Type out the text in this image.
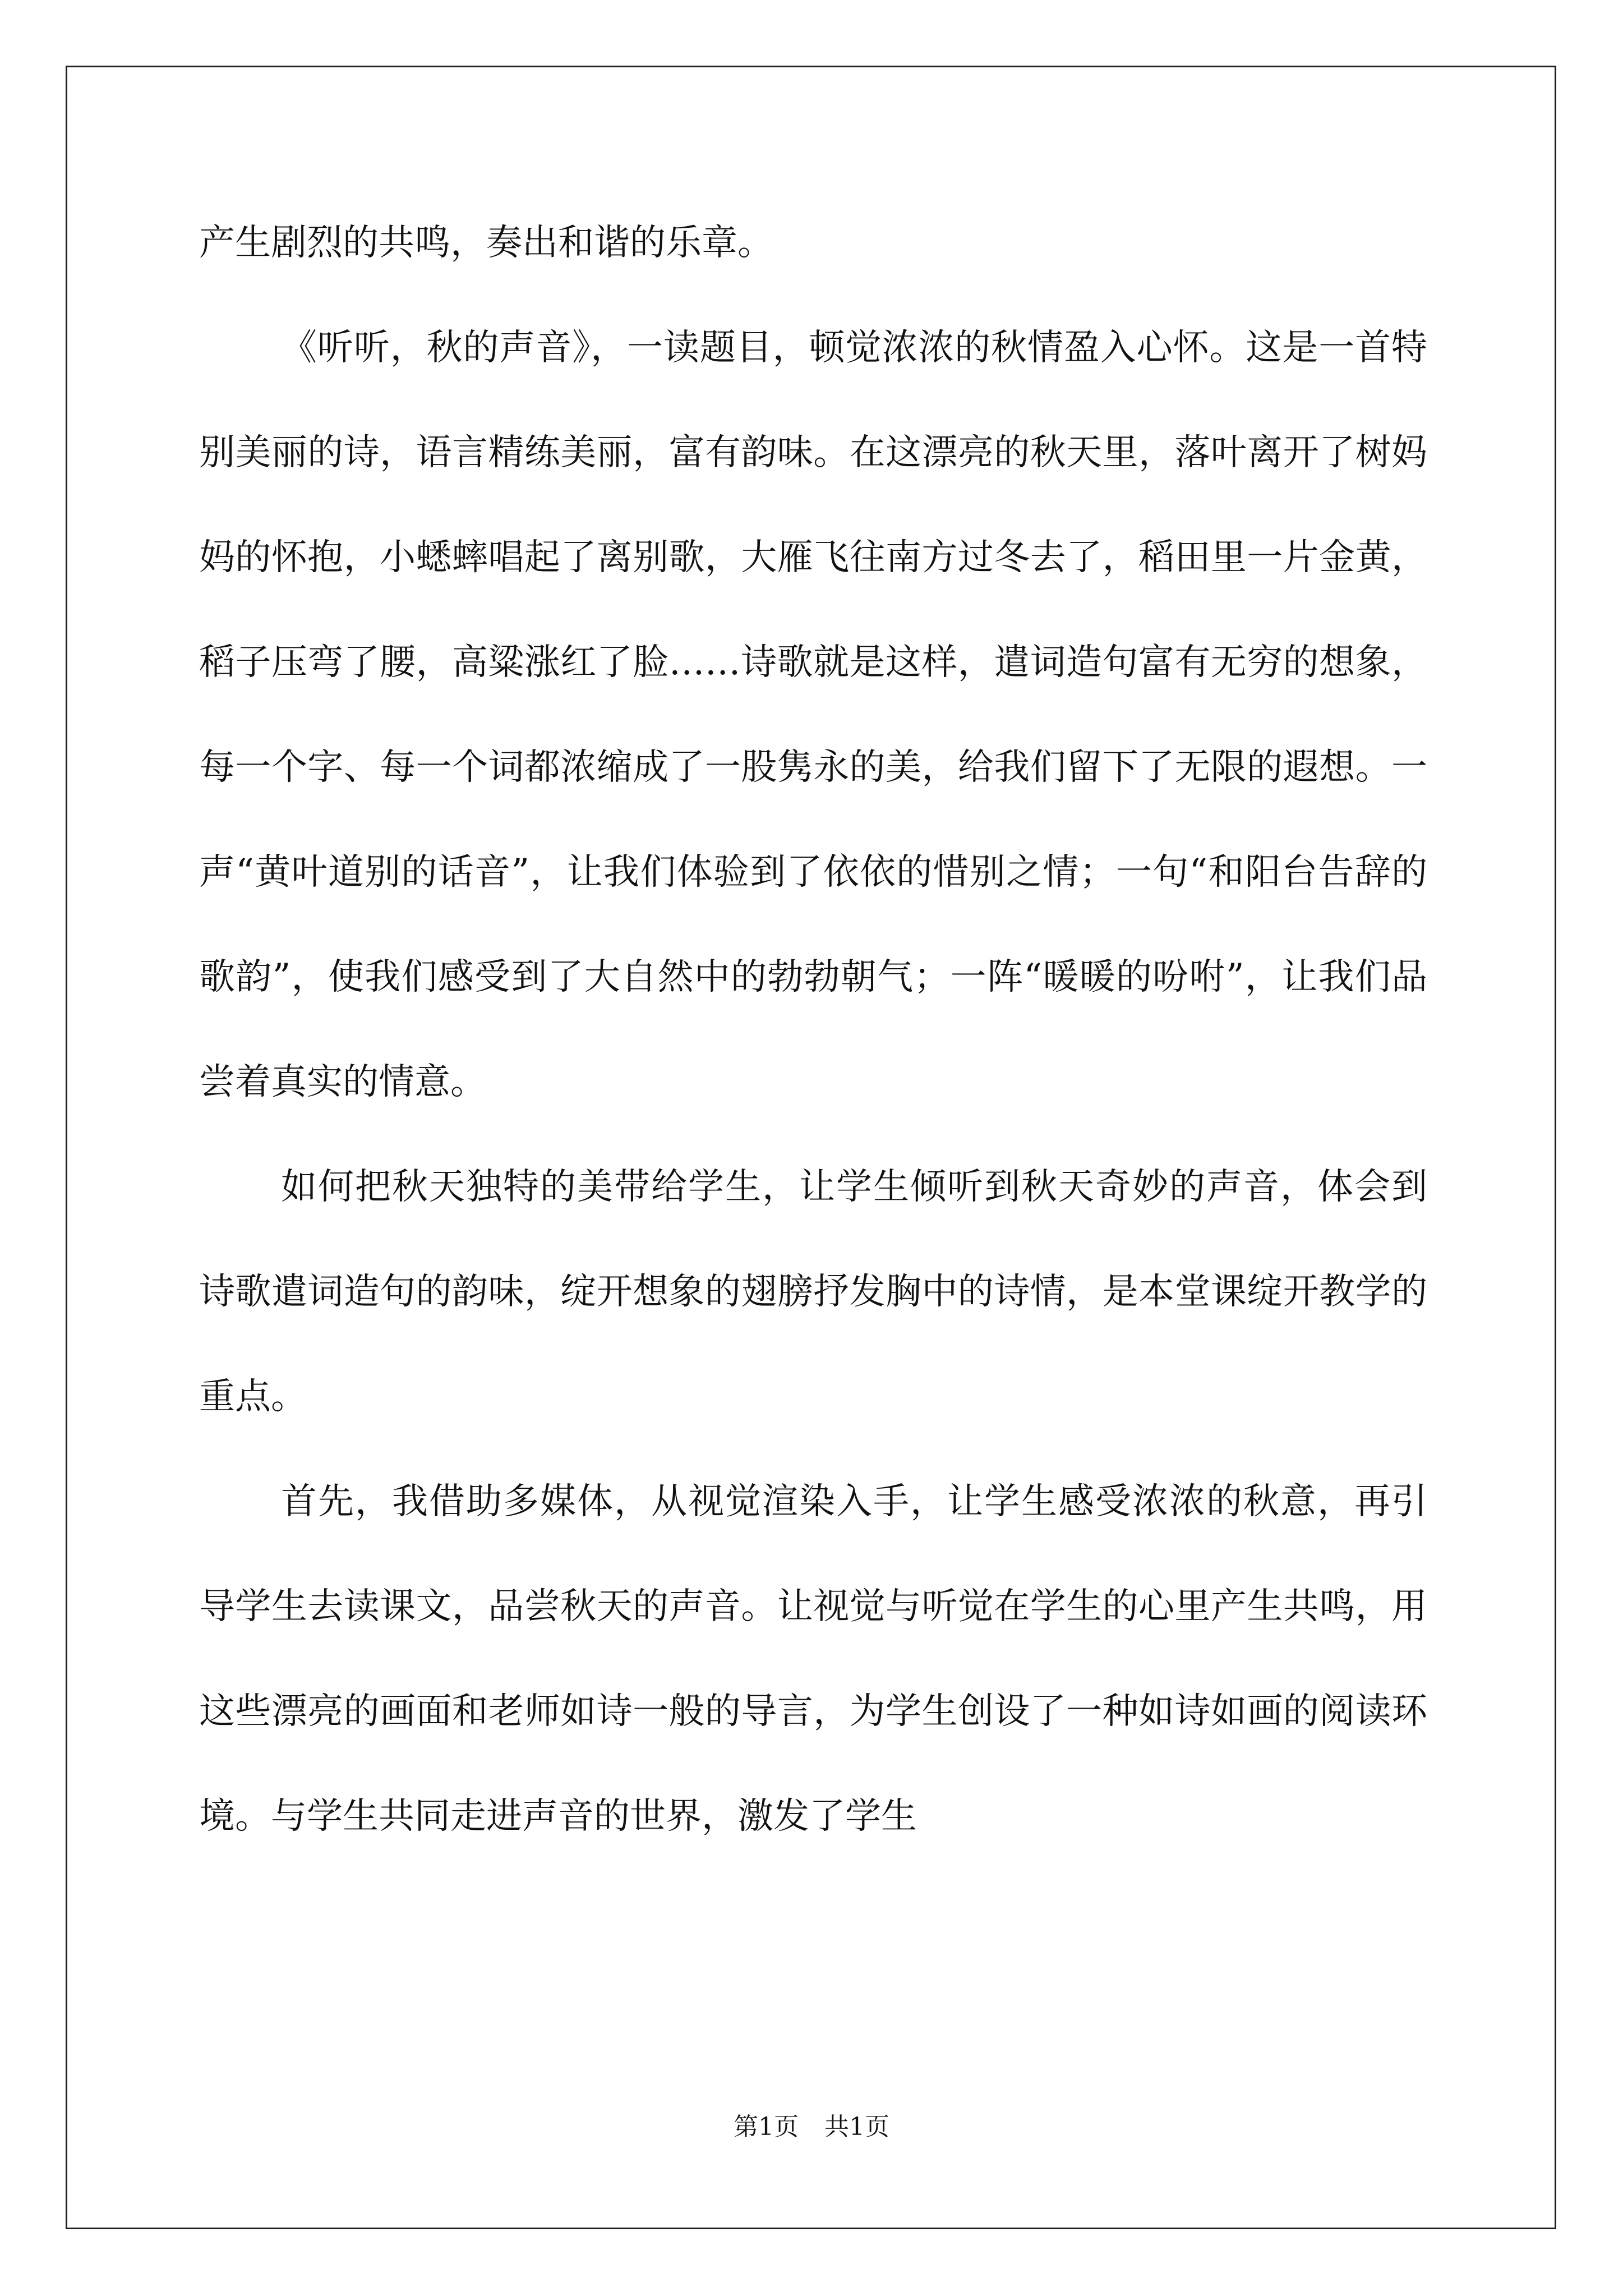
产生剧烈的共鸣，奏出和谐的乐章。

《听听，秋的声音》，一读题目，顿觉浓浓的秋情盈入心怀。这是一首特别美丽的诗，语言精练美丽，富有韵味。在这漂亮的秋天里，落叶离开了树妈妈的怀抱，小蟋蟀唱起了离别歌，大雁飞往南方过冬去了，稻田里一片金黄，稻子压弯了腰，高粱涨红了脸……诗歌就是这样，遣词造句富有无穷的想象，每一个字、每一个词都浓缩成了一股隽永的美，给我们留下了无限的遐想。一声“黄叶道别的话音”，让我们体验到了依依的惜别之情；一句“和阳台告辞的歌韵”，使我们感受到了大自然中的勃勃朝气；一阵“暖暖的吩咐”，让我们品尝着真实的情意。

如何把秋天独特的美带给学生，让学生倾听到秋天奇妙的声音，体会到诗歌遣词造句的韵味，绽开想象的翅膀抒发胸中的诗情，是本堂课绽开教学的重点。

首先，我借助多媒体，从视觉渲染入手，让学生感受浓浓的秋意，再引导学生去读课文，品尝秋天的声音。让视觉与听觉在学生的心里产生共鸣，用这些漂亮的画面和老师如诗一般的导言，为学生创设了一种如诗如画的阅读环境。与学生共同走进声音的世界，激发了学生

第1页 共1页
